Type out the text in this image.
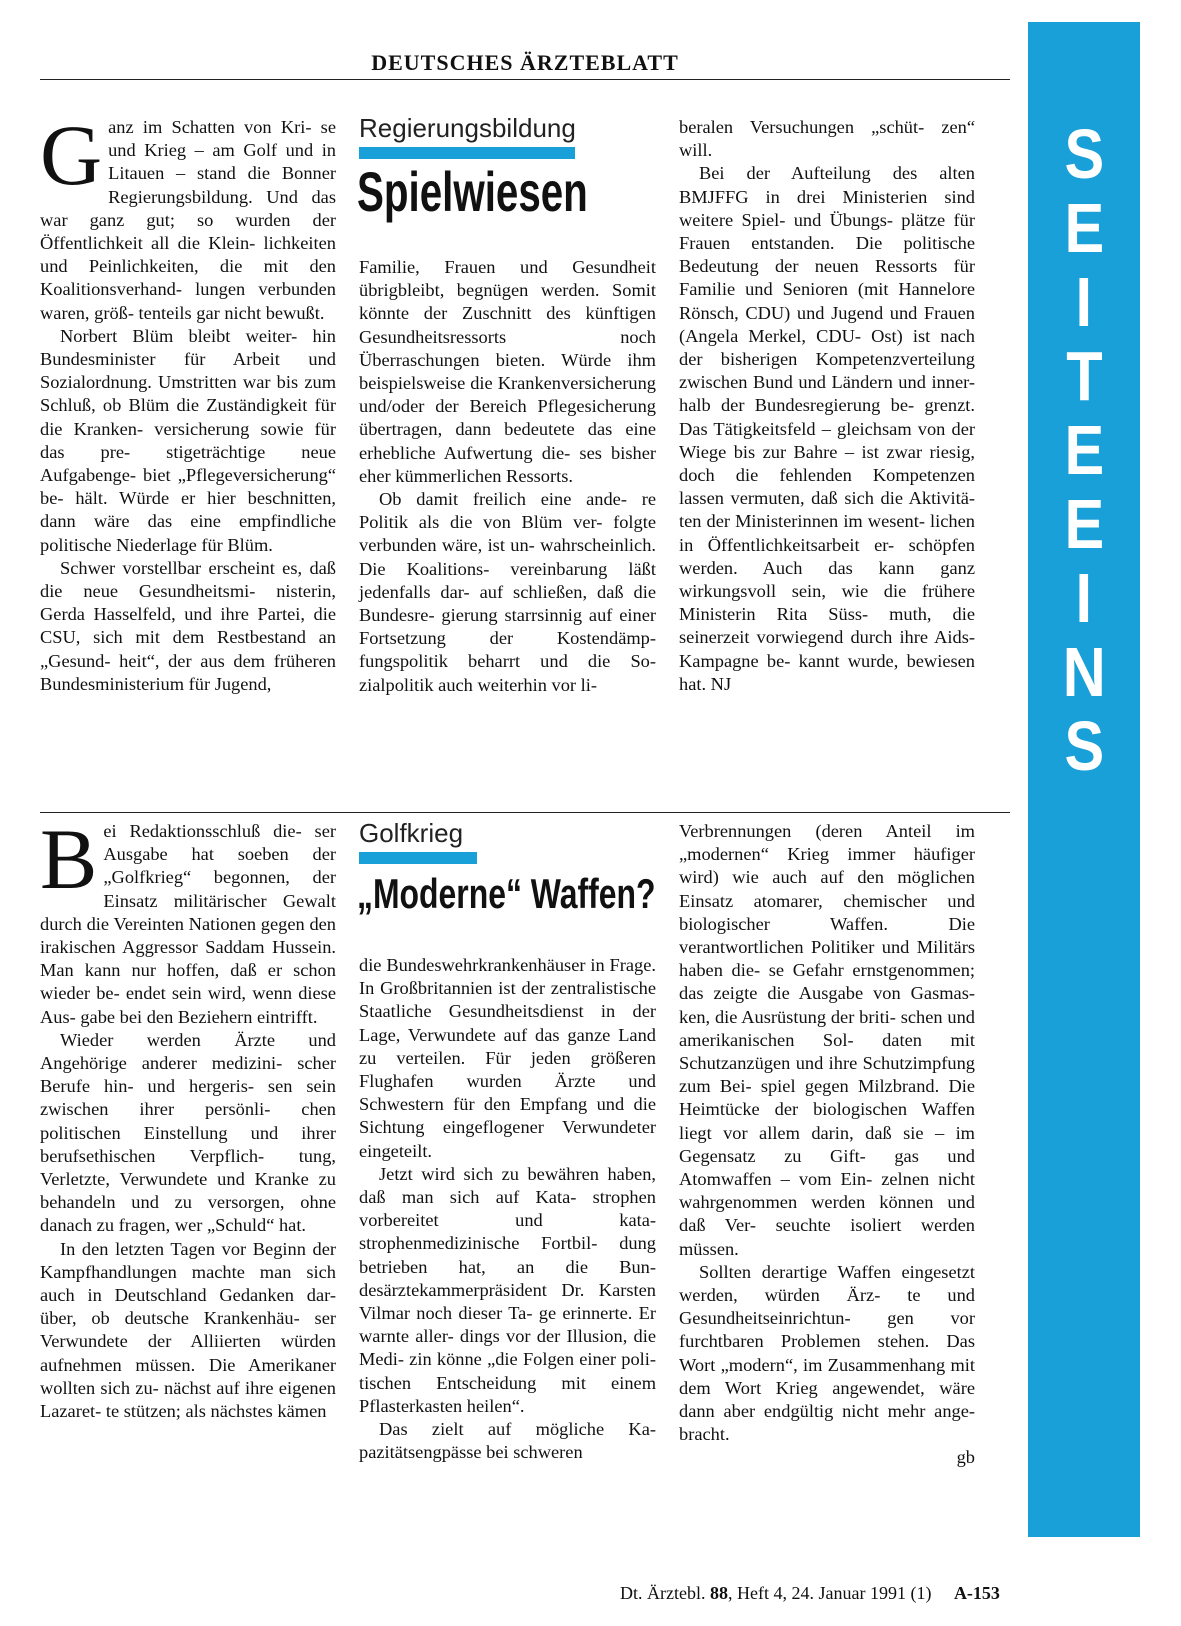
DEUTSCHES ÄRZTEBLATT

Ganz im Schatten von Kri- se und Krieg – am Golf und in Litauen – stand die Bonner Regierungsbildung. Und das war ganz gut; so wurden der Öffentlichkeit all die Klein- lichkeiten und Peinlichkeiten, die mit den Koalitionsverhand- lungen verbunden waren, größ- tenteils gar nicht bewußt.

Norbert Blüm bleibt weiter- hin Bundesminister für Arbeit und Sozialordnung. Umstritten war bis zum Schluß, ob Blüm die Zuständigkeit für die Kranken- versicherung sowie für das pre- stigeträchtige neue Aufgabenge- biet „Pflegeversicherung“ be- hält. Würde er hier beschnitten, dann wäre das eine empfindliche politische Niederlage für Blüm.

Schwer vorstellbar erscheint es, daß die neue Gesundheitsmi- nisterin, Gerda Hasselfeld, und ihre Partei, die CSU, sich mit dem Restbestand an „Gesund- heit“, der aus dem früheren Bundesministerium für Jugend,

Regierungsbildung
Spielwiesen

Familie, Frauen und Gesundheit übrigbleibt, begnügen werden. Somit könnte der Zuschnitt des künftigen Gesundheitsressorts noch Überraschungen bieten. Würde ihm beispielsweise die Krankenversicherung und/oder der Bereich Pflegesicherung übertragen, dann bedeutete das eine erhebliche Aufwertung die- ses bisher eher kümmerlichen Ressorts.

Ob damit freilich eine ande- re Politik als die von Blüm ver- folgte verbunden wäre, ist un- wahrscheinlich. Die Koalitions- vereinbarung läßt jedenfalls dar- auf schließen, daß die Bundesre- gierung starrsinnig auf einer Fortsetzung der Kostendämp- fungspolitik beharrt und die So- zialpolitik auch weiterhin vor li-

beralen Versuchungen „schüt- zen“ will.

Bei der Aufteilung des alten BMJFFG in drei Ministerien sind weitere Spiel- und Übungs- plätze für Frauen entstanden. Die politische Bedeutung der neuen Ressorts für Familie und Senioren (mit Hannelore Rönsch, CDU) und Jugend und Frauen (Angela Merkel, CDU- Ost) ist nach der bisherigen Kompetenzverteilung zwischen Bund und Ländern und inner- halb der Bundesregierung be- grenzt. Das Tätigkeitsfeld – gleichsam von der Wiege bis zur Bahre – ist zwar riesig, doch die fehlenden Kompetenzen lassen vermuten, daß sich die Aktivitä- ten der Ministerinnen im wesent- lichen in Öffentlichkeitsarbeit er- schöpfen werden. Auch das kann ganz wirkungsvoll sein, wie die frühere Ministerin Rita Süss- muth, die seinerzeit vorwiegend durch ihre Aids-Kampagne be- kannt wurde, bewiesen hat. NJ

Bei Redaktionsschluß die- ser Ausgabe hat soeben der „Golfkrieg“ begonnen, der Einsatz militärischer Gewalt durch die Vereinten Nationen gegen den irakischen Aggressor Saddam Hussein. Man kann nur hoffen, daß er schon wieder be- endet sein wird, wenn diese Aus- gabe bei den Beziehern eintrifft.

Wieder werden Ärzte und Angehörige anderer medizini- scher Berufe hin- und hergeris- sen sein zwischen ihrer persönli- chen politischen Einstellung und ihrer berufsethischen Verpflich- tung, Verletzte, Verwundete und Kranke zu behandeln und zu versorgen, ohne danach zu fragen, wer „Schuld“ hat.

In den letzten Tagen vor Beginn der Kampfhandlungen machte man sich auch in Deutschland Gedanken dar- über, ob deutsche Krankenhäu- ser Verwundete der Alliierten würden aufnehmen müssen. Die Amerikaner wollten sich zu- nächst auf ihre eigenen Lazaret- te stützen; als nächstes kämen

Golfkrieg
„Moderne“ Waffen?

die Bundeswehrkrankenhäuser in Frage. In Großbritannien ist der zentralistische Staatliche Gesundheitsdienst in der Lage, Verwundete auf das ganze Land zu verteilen. Für jeden größeren Flughafen wurden Ärzte und Schwestern für den Empfang und die Sichtung eingeflogener Verwundeter eingeteilt.

Jetzt wird sich zu bewähren haben, daß man sich auf Kata- strophen vorbereitet und kata- strophenmedizinische Fortbil- dung betrieben hat, an die Bun- desärztekammerpräsident Dr. Karsten Vilmar noch dieser Ta- ge erinnerte. Er warnte aller- dings vor der Illusion, die Medi- zin könne „die Folgen einer poli- tischen Entscheidung mit einem Pflasterkasten heilen“.

Das zielt auf mögliche Ka- pazitätsengpässe bei schweren

Verbrennungen (deren Anteil im „modernen“ Krieg immer häufiger wird) wie auch auf den möglichen Einsatz atomarer, chemischer und biologischer Waffen. Die verantwortlichen Politiker und Militärs haben die- se Gefahr ernstgenommen; das zeigte die Ausgabe von Gasmas- ken, die Ausrüstung der briti- schen und amerikanischen Sol- daten mit Schutzanzügen und ihre Schutzimpfung zum Bei- spiel gegen Milzbrand. Die Heimtücke der biologischen Waffen liegt vor allem darin, daß sie – im Gegensatz zu Gift- gas und Atomwaffen – vom Ein- zelnen nicht wahrgenommen werden können und daß Ver- seuchte isoliert werden müssen.

Sollten derartige Waffen eingesetzt werden, würden Ärz- te und Gesundheitseinrichtun- gen vor furchtbaren Problemen stehen. Das Wort „modern“, im Zusammenhang mit dem Wort Krieg angewendet, wäre dann aber endgültig nicht mehr ange- bracht.

gb

S
E
I
T
E
E
I
N
S
Dt. Ärztebl. 88, Heft 4, 24. Januar 1991 (1) A-153
